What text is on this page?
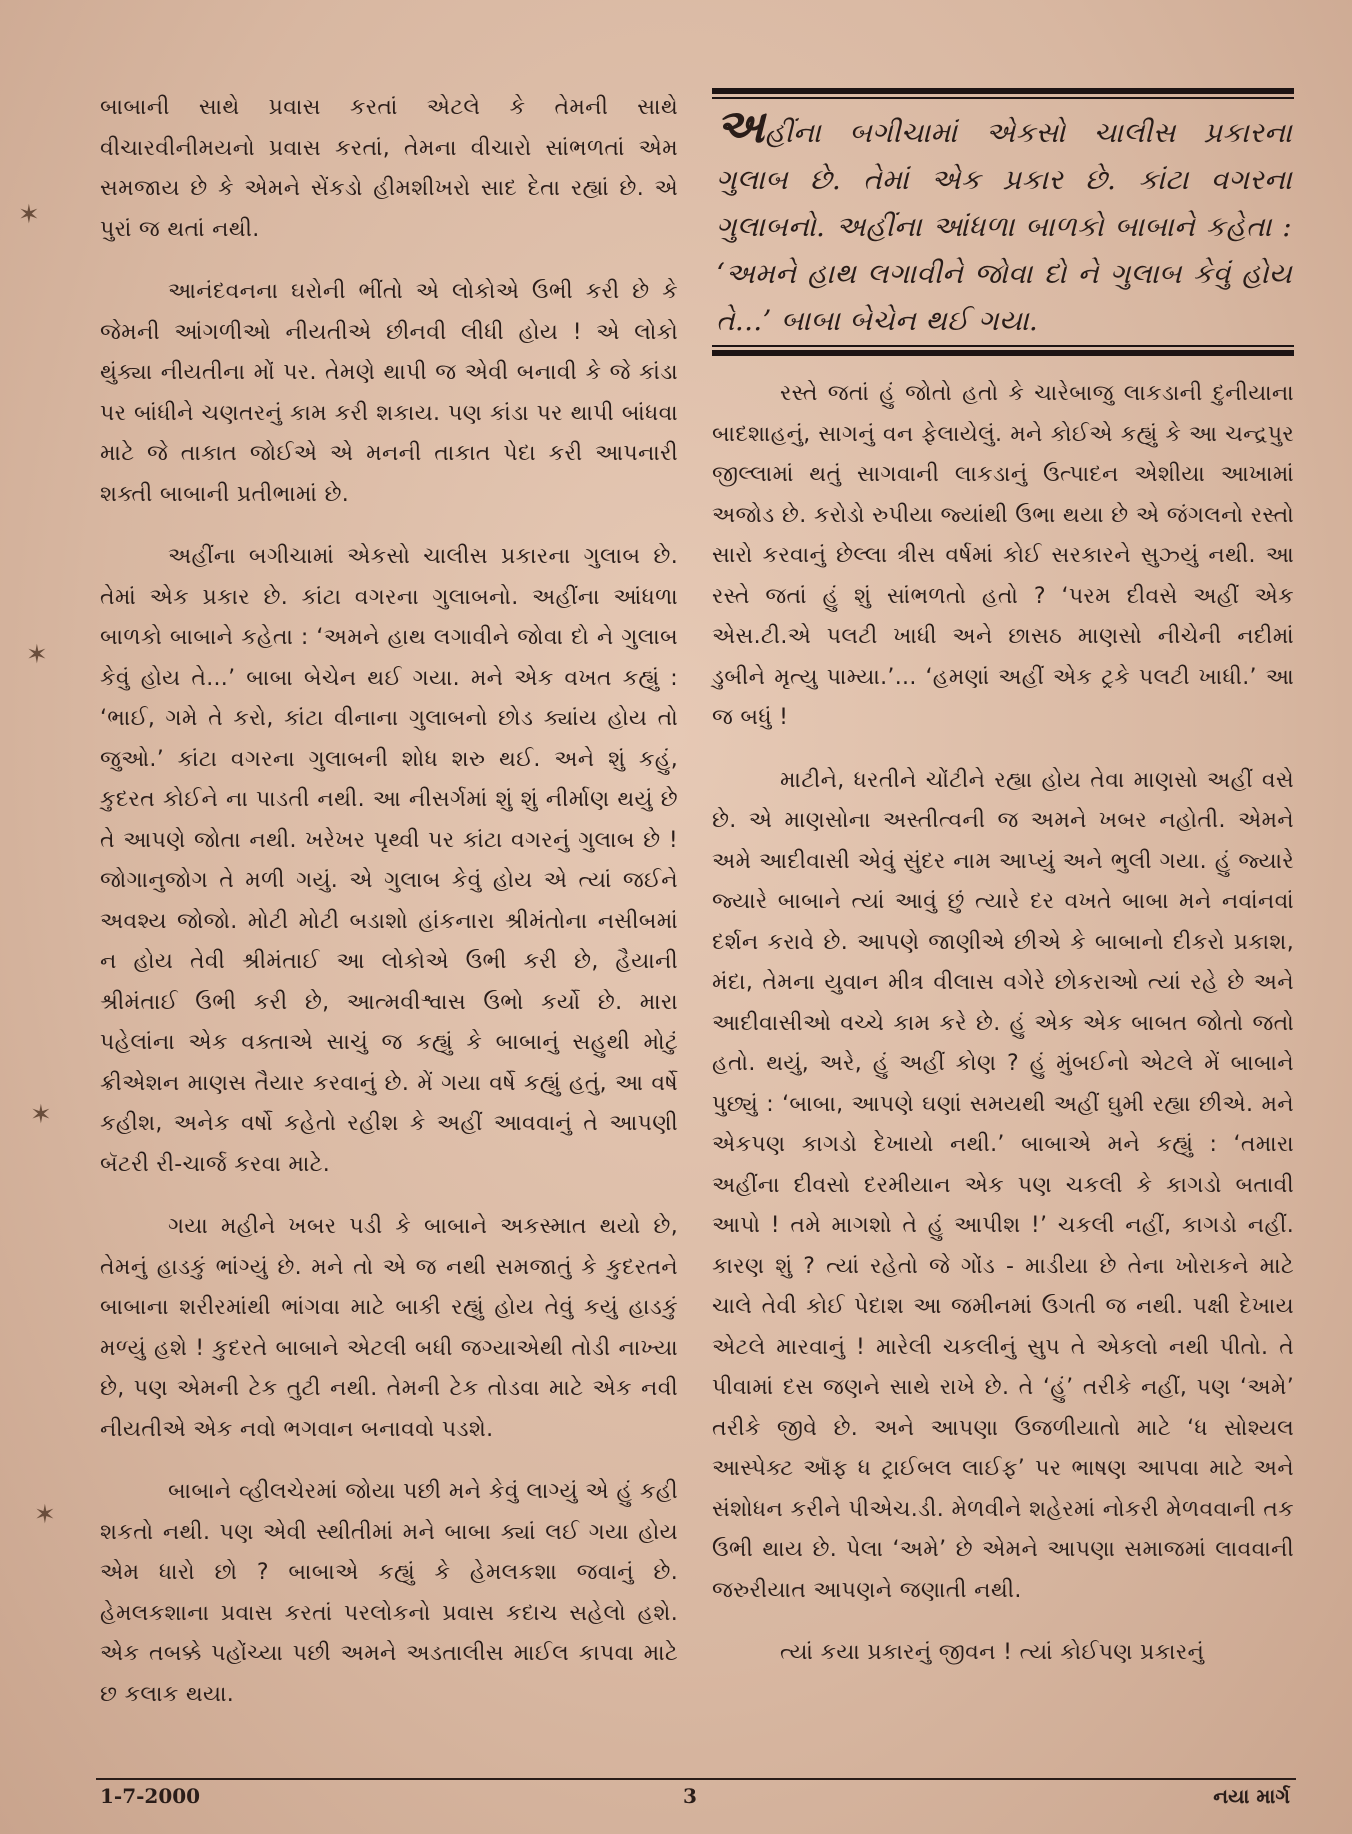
✶
✶
✶
✶

બાબાની સાથે પ્રવાસ કરતાં એટલે કે તેમની સાથે વીચારવીનીમયનો પ્રવાસ કરતાં, તેમના વીચારો સાંભળતાં એમ સમજાય છે કે એમને સેંકડો હીમશીખરો સાદ દેતા રહ્યાં છે. એ પુરાં જ થતાં નથી.

આનંદવનના ઘરોની ભીંતો એ લોકોએ ઉભી કરી છે કે જેમની આંગળીઓ નીયતીએ છીનવી લીધી હોય ! એ લોકો થુંક્યા નીયતીના મોં પર. તેમણે થાપી જ એવી બનાવી કે જે કાંડા પર બાંધીને ચણતરનું કામ કરી શકાય. પણ કાંડા પર થાપી બાંધવા માટે જે તાકાત જોઈએ એ મનની તાકાત પેદા કરી આપનારી શક્તી બાબાની પ્રતીભામાં છે.

અહીંના બગીચામાં એકસો ચાલીસ પ્રકારના ગુલાબ છે. તેમાં એક પ્રકાર છે. કાંટા વગરના ગુલાબનો. અહીંના આંધળા બાળકો બાબાને કહેતા : ‘અમને હાથ લગાવીને જોવા દો ને ગુલાબ કેવું હોય તે...’ બાબા બેચેન થઈ ગયા. મને એક વખત કહ્યું : ‘ભાઈ, ગમે તે કરો, કાંટા વીનાના ગુલાબનો છોડ ક્યાંય હોય તો જુઓ.’ કાંટા વગરના ગુલાબની શોધ શરુ થઈ. અને શું કહું, કુદરત કોઈને ના પાડતી નથી. આ નીસર્ગમાં શું શું નીર્માણ થયું છે તે આપણે જોતા નથી. ખરેખર પૃથ્વી પર કાંટા વગરનું ગુલાબ છે ! જોગાનુજોગ તે મળી ગયું. એ ગુલાબ કેવું હોય એ ત્યાં જઈને અવશ્ય જોજો. મોટી મોટી બડાશો હાંકનારા શ્રીમંતોના નસીબમાં ન હોય તેવી શ્રીમંતાઈ આ લોકોએ ઉભી કરી છે, હૈયાની શ્રીમંતાઈ ઉભી કરી છે, આત્મવીશ્વાસ ઉભો કર્યો છે. મારા પહેલાંના એક વક્તાએ સાચું જ કહ્યું કે બાબાનું સહુથી મોટું ક્રીએશન માણસ તૈયાર કરવાનું છે. મેં ગયા વર્ષે કહ્યું હતું, આ વર્ષે કહીશ, અનેક વર્ષો કહેતો રહીશ કે અહીં આવવાનું તે આપણી બૅટરી રી-ચાર્જ કરવા માટે.

ગયા મહીને ખબર પડી કે બાબાને અકસ્માત થયો છે, તેમનું હાડકું ભાંગ્યું છે. મને તો એ જ નથી સમજાતું કે કુદરતને બાબાના શરીરમાંથી ભાંગવા માટે બાકી રહ્યું હોય તેવું કયું હાડકું મળ્યું હશે ! કુદરતે બાબાને એટલી બધી જગ્યાએથી તોડી નાખ્યા છે, પણ એમની ટેક તુટી નથી. તેમની ટેક તોડવા માટે એક નવી નીયતીએ એક નવો ભગવાન બનાવવો પડશે.

બાબાને વ્હીલચેરમાં જોયા પછી મને કેવું લાગ્યું એ હું કહી શકતો નથી. પણ એવી સ્થીતીમાં મને બાબા ક્યાં લઈ ગયા હોય એમ ધારો છો ? બાબાએ કહ્યું કે હેમલકશા જવાનું છે. હેમલકશાના પ્રવાસ કરતાં પરલોકનો પ્રવાસ કદાચ સહેલો હશે. એક તબક્કે પહોંચ્યા પછી અમને અડતાલીસ માઈલ કાપવા માટે છ કલાક થયા.

અહીંના બગીચામાં એકસો ચાલીસ પ્રકારના ગુલાબ છે. તેમાં એક પ્રકાર છે. કાંટા વગરના ગુલાબનો. અહીંના આંધળા બાળકો બાબાને કહેતા : ‘અમને હાથ લગાવીને જોવા દો ને ગુલાબ કેવું હોય તે...’ બાબા બેચેન થઈ ગયા.

રસ્તે જતાં હું જોતો હતો કે ચારેબાજુ લાકડાની દુનીયાના બાદશાહનું, સાગનું વન ફેલાયેલું. મને કોઈએ કહ્યું કે આ ચન્દ્રપુર જીલ્લામાં થતું સાગવાની લાકડાનું ઉત્પાદન એશીયા આખામાં અજોડ છે. કરોડો રુપીયા જ્યાંથી ઉભા થયા છે એ જંગલનો રસ્તો સારો કરવાનું છેલ્લા ત્રીસ વર્ષમાં કોઈ સરકારને સુઝ્યું નથી. આ રસ્તે જતાં હું શું સાંભળતો હતો ? ‘પરમ દીવસે અહીં એક એસ.ટી.એ પલટી ખાધી અને છાસઠ માણસો નીચેની નદીમાં ડુબીને મૃત્યુ પામ્યા.’... ‘હમણાં અહીં એક ટ્રકે પલટી ખાધી.’ આ જ બધું !

માટીને, ધરતીને ચોંટીને રહ્યા હોય તેવા માણસો અહીં વસે છે. એ માણસોના અસ્તીત્વની જ અમને ખબર નહોતી. એમને અમે આદીવાસી એવું સુંદર નામ આપ્યું અને ભુલી ગયા. હું જ્યારે જ્યારે બાબાને ત્યાં આવું છું ત્યારે દર વખતે બાબા મને નવાંનવાં દર્શન કરાવે છે. આપણે જાણીએ છીએ કે બાબાનો દીકરો પ્રકાશ, મંદા, તેમના યુવાન મીત્ર વીલાસ વગેરે છોકરાઓ ત્યાં રહે છે અને આદીવાસીઓ વચ્ચે કામ કરે છે. હું એક એક બાબત જોતો જતો હતો. થયું, અરે, હું અહીં કોણ ? હું મુંબઈનો એટલે મેં બાબાને પુછ્યું : ‘બાબા, આપણે ઘણાં સમયથી અહીં ઘુમી રહ્યા છીએ. મને એકપણ કાગડો દેખાયો નથી.’ બાબાએ મને કહ્યું : ‘તમારા અહીંના દીવસો દરમીયાન એક પણ ચકલી કે કાગડો બતાવી આપો ! તમે માગશો તે હું આપીશ !’ ચકલી નહીં, કાગડો નહીં. કારણ શું ? ત્યાં રહેતો જે ગોંડ - માડીયા છે તેના ખોરાકને માટે ચાલે તેવી કોઈ પેદાશ આ જમીનમાં ઉગતી જ નથી. પક્ષી દેખાય એટલે મારવાનું ! મારેલી ચકલીનું સુપ તે એકલો નથી પીતો. તે પીવામાં દસ જણને સાથે રાખે છે. તે ‘હું’ તરીકે નહીં, પણ ‘અમે’ તરીકે જીવે છે. અને આપણા ઉજળીયાતો માટે ‘ધ સોશ્યલ આસ્પેક્ટ ઑફ ધ ટ્રાઈબલ લાઈફ’ પર ભાષણ આપવા માટે અને સંશોધન કરીને પીએચ.ડી. મેળવીને શહેરમાં નોકરી મેળવવાની તક ઉભી થાય છે. પેલા ‘અમે’ છે એમને આપણા સમાજમાં લાવવાની જરુરીયાત આપણને જણાતી નથી.

ત્યાં કયા પ્રકારનું જીવન ! ત્યાં કોઈપણ પ્રકારનું

1-7-2000	3	નયા માર્ગ
